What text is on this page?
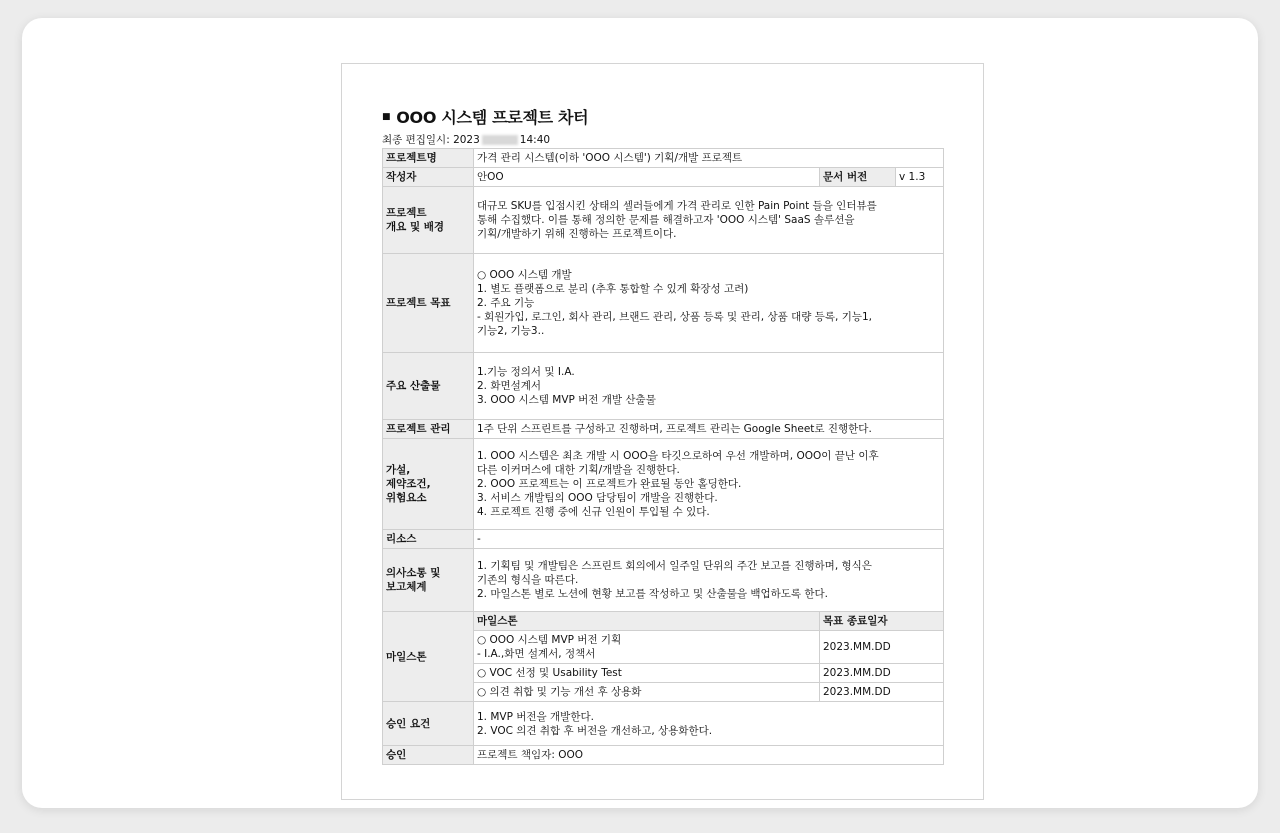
■ OOO 시스템 프로젝트 차터
최종 편집일시: 2023	14:40
프로젝트명	가격 관리 시스템(이하 'OOO 시스템') 기획/개발 프로젝트		
작성자	안OO	문서 버전	v 1.3
프로젝트
개요 및 배경	대규모 SKU를 입점시킨 상태의 셀러들에게 가격 관리로 인한 Pain Point 들을 인터뷰를
통해 수집했다. 이를 통해 정의한 문제를 해결하고자 'OOO 시스템' SaaS 솔루션을
기획/개발하기 위해 진행하는 프로젝트이다.		
프로젝트 목표	○ OOO 시스템 개발
1. 별도 플랫폼으로 분리 (추후 통합할 수 있게 확장성 고려)
2. 주요 기능
- 회원가입, 로그인, 회사 관리, 브랜드 관리, 상품 등록 및 관리, 상품 대량 등록, 기능1,
기능2, 기능3..		
주요 산출물	1.기능 정의서 및 I.A.
2. 화면설계서
3. OOO 시스템 MVP 버전 개발 산출물		
프로젝트 관리	1주 단위 스프린트를 구성하고 진행하며, 프로젝트 관리는 Google Sheet로 진행한다.		
가설,
제약조건,
위험요소	1. OOO 시스템은 최초 개발 시 OOO을 타깃으로하여 우선 개발하며, OOO이 끝난 이후
다른 이커머스에 대한 기획/개발을 진행한다.
2. OOO 프로젝트는 이 프로젝트가 완료될 동안 홀딩한다.
3. 서비스 개발팀의 OOO 담당팀이 개발을 진행한다.
4. 프로젝트 진행 중에 신규 인원이 투입될 수 있다.		
리소스	-		
의사소통 및
보고체계	1. 기획팀 및 개발팀은 스프린트 회의에서 일주일 단위의 주간 보고를 진행하며, 형식은
기존의 형식을 따른다.
2. 마일스톤 별로 노션에 현황 보고를 작성하고 및 산출물을 백업하도록 한다.		
마일스톤	마일스톤	목표 종료일자	
	○ OOO 시스템 MVP 버전 기획
- I.A.,화면 설계서, 정책서	2023.MM.DD	
	○ VOC 선정 및 Usability Test	2023.MM.DD	
	○ 의견 취합 및 기능 개선 후 상용화	2023.MM.DD	
승인 요건	1. MVP 버전을 개발한다.
2. VOC 의견 취합 후 버전을 개선하고, 상용화한다.		
승인	프로젝트 책임자: OOO		
